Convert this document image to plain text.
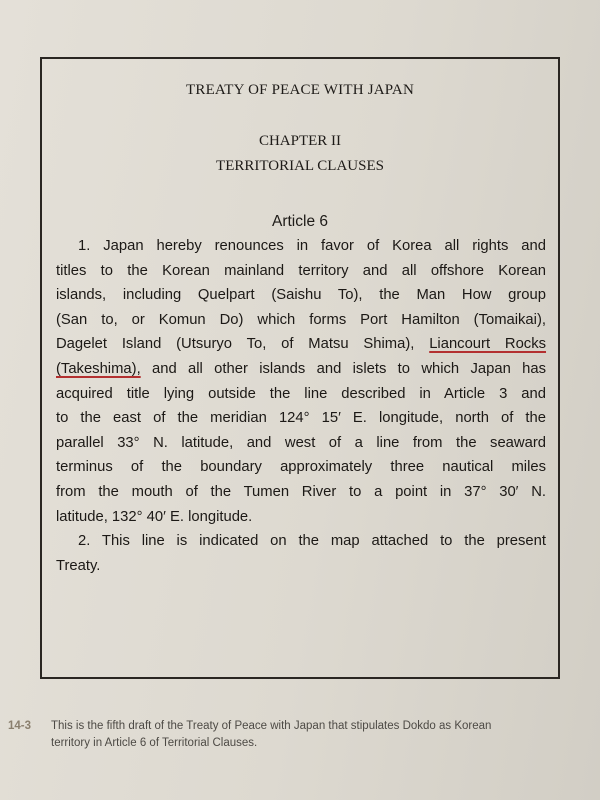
TREATY OF PEACE WITH JAPAN
CHAPTER II
TERRITORIAL CLAUSES
Article 6
1. Japan hereby renounces in favor of Korea all rights and
titles to the Korean mainland territory and all offshore Korean
islands, including Quelpart (Saishu To), the Man How group
(San to, or Komun Do) which forms Port Hamilton (Tomaikai),
Dagelet Island (Utsuryo To, of Matsu Shima), Liancourt Rocks
(Takeshima), and all other islands and islets to which Japan has
acquired title lying outside the line described in Article 3 and
to the east of the meridian 124° 15′ E. longitude, north of the
parallel 33° N. latitude, and west of a line from the seaward
terminus of the boundary approximately three nautical miles
from the mouth of the Tumen River to a point in 37° 30′ N.
latitude, 132° 40′ E. longitude.
2. This line is indicated on the map attached to the present
Treaty.
14-3 This is the fifth draft of the Treaty of Peace with Japan that stipulates Dokdo as Korean
territory in Article 6 of Territorial Clauses.
